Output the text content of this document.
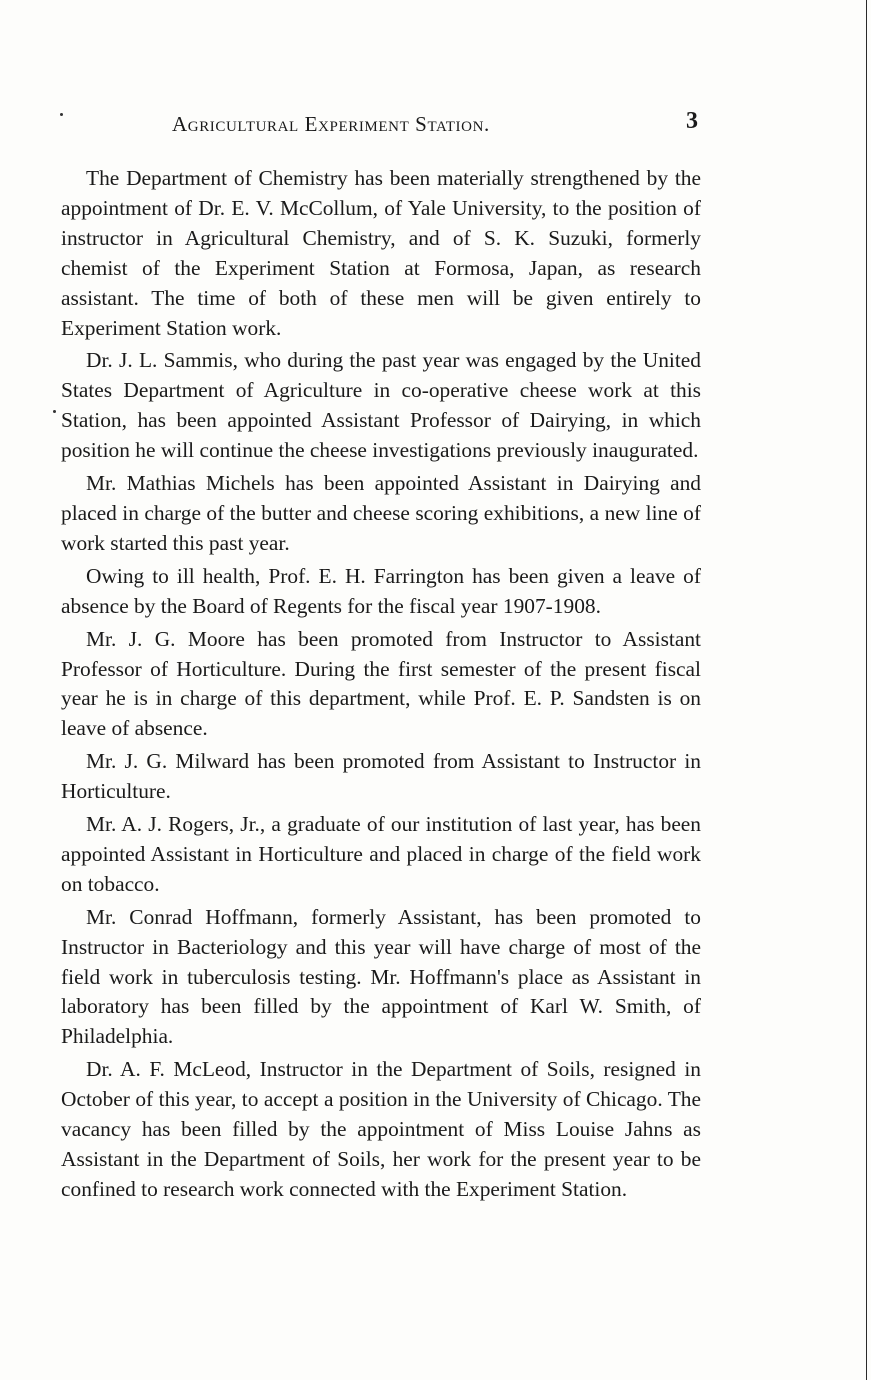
Agricultural Experiment Station.	3

The Department of Chemistry has been materially strengthened by the appointment of Dr. E. V. McCollum, of Yale University, to the position of instructor in Agricultural Chemistry, and of S. K. Suzuki, formerly chemist of the Experiment Station at Formosa, Japan, as research assistant. The time of both of these men will be given entirely to Experiment Station work.

Dr. J. L. Sammis, who during the past year was engaged by the United States Department of Agriculture in co-operative cheese work at this Station, has been appointed Assistant Professor of Dairying, in which position he will continue the cheese investigations previously inaugurated.

Mr. Mathias Michels has been appointed Assistant in Dairying and placed in charge of the butter and cheese scoring exhibitions, a new line of work started this past year.

Owing to ill health, Prof. E. H. Farrington has been given a leave of absence by the Board of Regents for the fiscal year 1907-1908.

Mr. J. G. Moore has been promoted from Instructor to Assistant Professor of Horticulture. During the first semester of the present fiscal year he is in charge of this department, while Prof. E. P. Sandsten is on leave of absence.

Mr. J. G. Milward has been promoted from Assistant to Instructor in Horticulture.

Mr. A. J. Rogers, Jr., a graduate of our institution of last year, has been appointed Assistant in Horticulture and placed in charge of the field work on tobacco.

Mr. Conrad Hoffmann, formerly Assistant, has been promoted to Instructor in Bacteriology and this year will have charge of most of the field work in tuberculosis testing. Mr. Hoffmann's place as Assistant in laboratory has been filled by the appointment of Karl W. Smith, of Philadelphia.

Dr. A. F. McLeod, Instructor in the Department of Soils, resigned in October of this year, to accept a position in the University of Chicago. The vacancy has been filled by the appointment of Miss Louise Jahns as Assistant in the Department of Soils, her work for the present year to be confined to research work connected with the Experiment Station.
